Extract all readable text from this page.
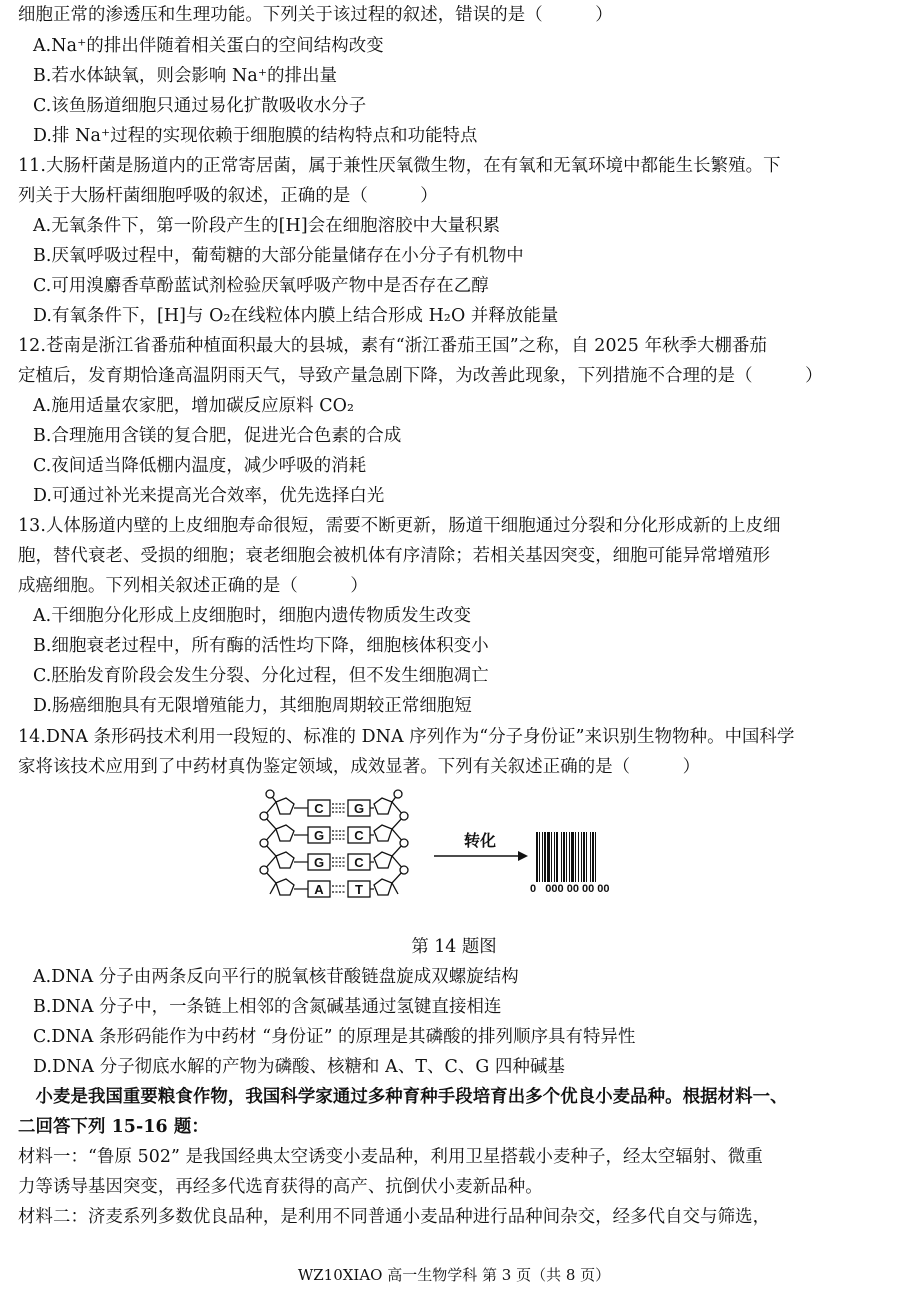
细胞正常的渗透压和生理功能。下列关于该过程的叙述，错误的是（　　　）
A.Na⁺的排出伴随着相关蛋白的空间结构改变
B.若水体缺氧，则会影响 Na⁺的排出量
C.该鱼肠道细胞只通过易化扩散吸收水分子
D.排 Na⁺过程的实现依赖于细胞膜的结构特点和功能特点
11.大肠杆菌是肠道内的正常寄居菌，属于兼性厌氧微生物，在有氧和无氧环境中都能生长繁殖。下
列关于大肠杆菌细胞呼吸的叙述，正确的是（　　　）
A.无氧条件下，第一阶段产生的[H]会在细胞溶胶中大量积累
B.厌氧呼吸过程中，葡萄糖的大部分能量储存在小分子有机物中
C.可用溴麝香草酚蓝试剂检验厌氧呼吸产物中是否存在乙醇
D.有氧条件下，[H]与 O₂在线粒体内膜上结合形成 H₂O 并释放能量
12.苍南是浙江省番茄种植面积最大的县城，素有“浙江番茄王国”之称，自 2025 年秋季大棚番茄
定植后，发育期恰逢高温阴雨天气，导致产量急剧下降，为改善此现象，下列措施不合理的是（　　　）
A.施用适量农家肥，增加碳反应原料 CO₂
B.合理施用含镁的复合肥，促进光合色素的合成
C.夜间适当降低棚内温度，减少呼吸的消耗
D.可通过补光来提高光合效率，优先选择白光
13.人体肠道内壁的上皮细胞寿命很短，需要不断更新，肠道干细胞通过分裂和分化形成新的上皮细
胞，替代衰老、受损的细胞；衰老细胞会被机体有序清除；若相关基因突变，细胞可能异常增殖形
成癌细胞。下列相关叙述正确的是（　　　）
A.干细胞分化形成上皮细胞时，细胞内遗传物质发生改变
B.细胞衰老过程中，所有酶的活性均下降，细胞核体积变小
C.胚胎发育阶段会发生分裂、分化过程，但不发生细胞凋亡
D.肠癌细胞具有无限增殖能力，其细胞周期较正常细胞短
14.DNA 条形码技术利用一段短的、标准的 DNA 序列作为“分子身份证”来识别生物物种。中国科学
家将该技术应用到了中药材真伪鉴定领域，成效显著。下列有关叙述正确的是（　　　）
C G
G C
G C
A T
转化
0   000 00 00 00
第 14 题图
A.DNA 分子由两条反向平行的脱氧核苷酸链盘旋成双螺旋结构
B.DNA 分子中，一条链上相邻的含氮碱基通过氢键直接相连
C.DNA 条形码能作为中药材 “身份证” 的原理是其磷酸的排列顺序具有特异性
D.DNA 分子彻底水解的产物为磷酸、核糖和 A、T、C、G 四种碱基
　小麦是我国重要粮食作物，我国科学家通过多种育种手段培育出多个优良小麦品种。根据材料一、
二回答下列 15-16 题：
材料一：“鲁原 502” 是我国经典太空诱变小麦品种，利用卫星搭载小麦种子，经太空辐射、微重
力等诱导基因突变，再经多代选育获得的高产、抗倒伏小麦新品种。
材料二：济麦系列多数优良品种，是利用不同普通小麦品种进行品种间杂交，经多代自交与筛选，
WZ10XIAO 高一生物学科 第 3 页（共 8 页）
